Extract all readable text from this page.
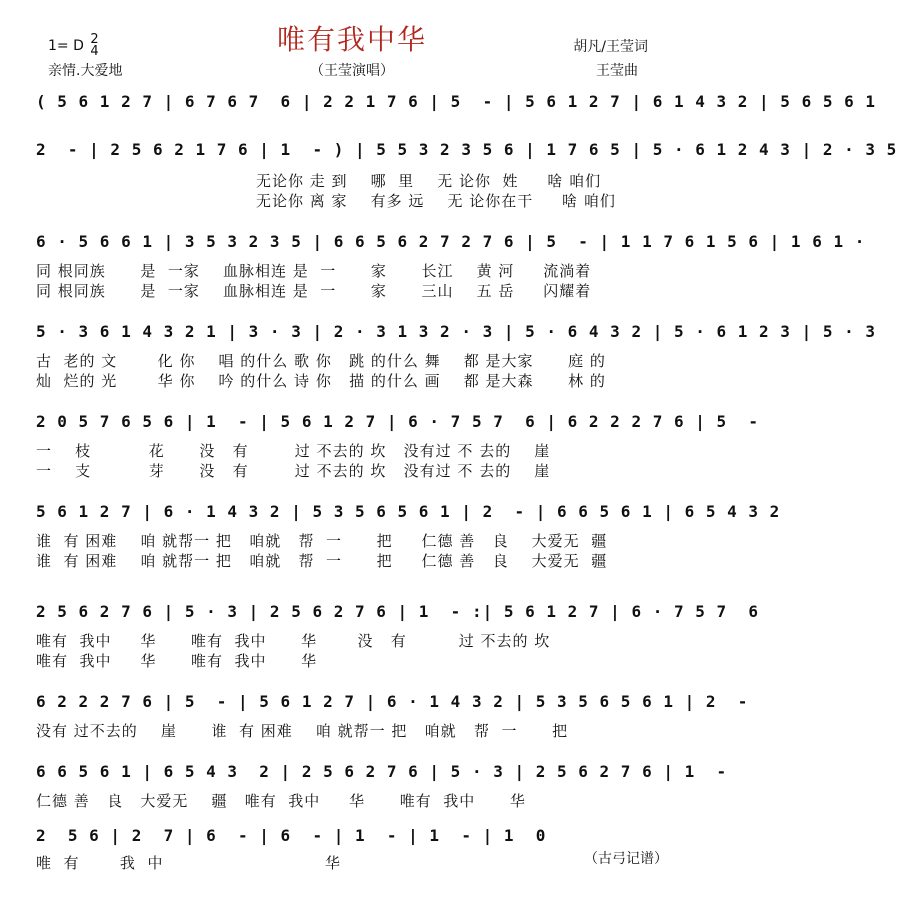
唯有我中华
1= D 2
4
亲情.大爱地	（王莹演唱）
胡凡/王莹词
王莹曲
( 5 6 1 2 7 | 6 7 6 7  6 | 2 2 1 7 6 | 5  - | 5 6 1 2 7 | 6 1 4 3 2 | 5 6 5 6 1
2  - | 2 5 6 2 1 7 6 | 1  - ) | 5 5 3 2 3 5 6 | 1 7 6 5 | 5 · 6 1 2 4 3 | 2 · 3 5
无论你 走 到    哪  里    无 论你  姓     啥 咱们
无论你 离 家    有多 远    无 论你在干     啥 咱们
6 · 5 6 6 1 | 3 5 3 2 3 5 | 6 6 5 6 2 7 2 7 6 | 5  - | 1 1 7 6 1 5 6 | 1 6 1 ·
同 根同族      是  一家    血脉相连 是  一      家      长江    黄 河     流淌着
同 根同族      是  一家    血脉相连 是  一      家      三山    五 岳     闪耀着
5 · 3 6 1 4 3 2 1 | 3 · 3 | 2 · 3 1 3 2 · 3 | 5 · 6 4 3 2 | 5 · 6 1 2 3 | 5 · 3
古  老的 文       化 你    唱 的什么 歌 你   跳 的什么 舞    都 是大家      庭 的
灿  烂的 光       华 你    吟 的什么 诗 你   描 的什么 画    都 是大森      林 的
2 0 5 7 6 5 6 | 1  - | 5 6 1 2 7 | 6 · 7 5 7  6 | 6 2 2 2 7 6 | 5  -
一    枝          花      没   有        过 不去的 坎   没有过 不 去的    崖
一    支          芽      没   有        过 不去的 坎   没有过 不 去的    崖
5 6 1 2 7 | 6 · 1 4 3 2 | 5 3 5 6 5 6 1 | 2  - | 6 6 5 6 1 | 6 5 4 3 2
谁  有 困难    咱 就帮一 把   咱就   帮  一      把     仁德 善   良    大爱无  疆
谁  有 困难    咱 就帮一 把   咱就   帮  一      把     仁德 善   良    大爱无  疆
2 5 6 2 7 6 | 5 · 3 | 2 5 6 2 7 6 | 1  - :| 5 6 1 2 7 | 6 · 7 5 7  6
唯有  我中     华      唯有  我中      华       没   有         过 不去的 坎
唯有  我中     华      唯有  我中      华
6 2 2 2 7 6 | 5  - | 5 6 1 2 7 | 6 · 1 4 3 2 | 5 3 5 6 5 6 1 | 2  -
没有 过不去的    崖      谁  有 困难    咱 就帮一 把   咱就   帮  一      把
6 6 5 6 1 | 6 5 4 3  2 | 2 5 6 2 7 6 | 5 · 3 | 2 5 6 2 7 6 | 1  -
仁德 善   良   大爱无    疆   唯有  我中     华      唯有  我中      华
2  5 6 | 2  7 | 6  - | 6  - | 1  - | 1  - | 1  0
唯  有       我  中                            华	（古弓记谱）
